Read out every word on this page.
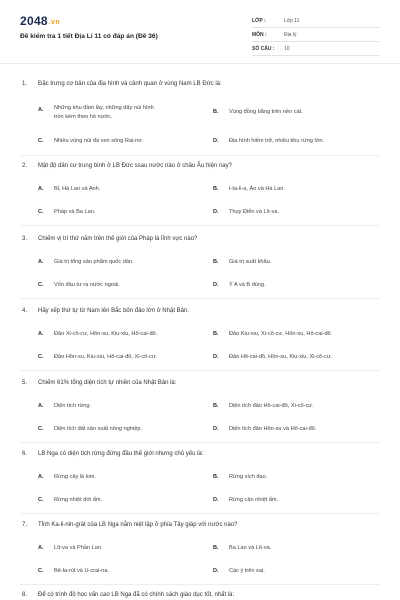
2048.vn
Đề kiểm tra 1 tiết Địa Lí 11 có đáp án (Đề 36)
LỚP :	Lớp 11
MÔN :	Địa lý
SỐ CÂU :	10
1. Đặc trưng cơ bản của địa hình và cảnh quan ở vùng Nam LB Đức là:
A. Những khu đầm lầy, những dãy núi hình
tròn kèm theo hồ nước.
B. Vùng đồng bằng trên nền cát.
C. Nhiều vùng núi đá ven sông Rai-nơ.	D. Địa hình hiểm trở, nhiều khu rừng lớn.
2. Mật độ dân cư trung bình ở LB Đức ssau nước nào ở châu Âu hiện nay?
A. Bỉ, Hà Lan và Anh.	B. I-ta-li-a, Áo và Hà Lan.
C. Pháp và Ba Lan.	D. Thụy Điển và Lít-va.
3. Chiếm vị trí thứ năm trên thế giới của Pháp là lĩnh vực nào?
A. Giá trị tổng sản phẩm quốc dân.	B. Giá trị xuất khẩu.
C. Vốn đầu tư ra nước ngoài.	D. Ý A và B đúng.
4. Hãy xếp thứ tự từ Nam lên Bắc bốn đảo lớn ở Nhật Bản.
A. Đảo Xi-cô-cư, Hôn-su, Kiu-xiu, Hô-cai-đô.	B. Đảo Kiu-xiu, Xi-cô-cư, Hôn-su, Hô-cai-đô.
C. Đảo Hôn-su, Kiu-xiu, Hô-cai-đô, Xi-cô-cư.	D. Đảo Hô-cai-đô, Hôn-su, Kiu-xiu, Xi-cô-cư.
5. Chiếm 61% tổng diện tích tự nhiên của Nhật Bản là:
A. Diện tích rừng.	B. Diện tích đảo Hô-cai-đô, Xi-cô-cư.
C. Diện tích đất sản xuất nông nghiệp.	D. Diện tích đảo Hôn-su và Hô-cai-đô.
6. LB Nga có diện tích rừng đứng đầu thế giới nhưng chủ yếu là:
A. Rừng cây lá kim.	B. Rừng xích đạo.
C. Rừng nhiệt đới ẩm.	D. Rừng cận nhiệt ẩm.
7. Tỉnh Ka-li-nin-grát của LB Nga nằm niệt lập ở phía Tây giáp với nước nào?
A. Lít-va và Phần Lan.	B. Ba Lan và Lít-va.
C. Bê-la-rút và U-crai-na.	D. Các ý trên sai.
8. Để có trình độ học vấn cao LB Nga đã có chính sách giáo dục tốt, nhất là:
